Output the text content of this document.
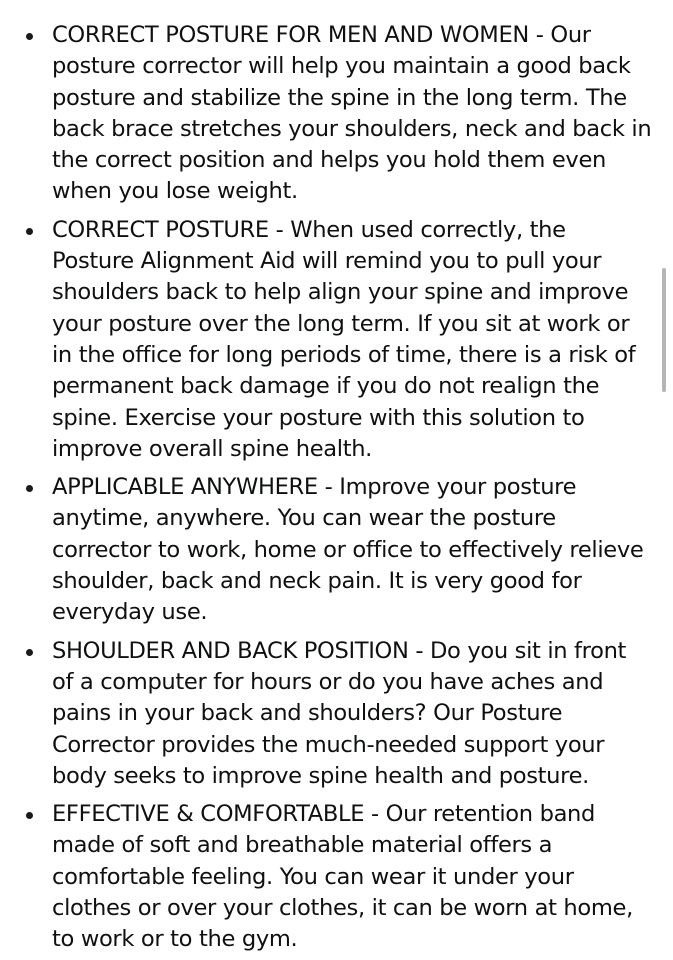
CORRECT POSTURE FOR MEN AND WOMEN - Our posture corrector will help you maintain a good back posture and stabilize the spine in the long term. The back brace stretches your shoulders, neck and back in the correct position and helps you hold them even when you lose weight.
CORRECT POSTURE - When used correctly, the Posture Alignment Aid will remind you to pull your shoulders back to help align your spine and improve your posture over the long term. If you sit at work or in the office for long periods of time, there is a risk of permanent back damage if you do not realign the spine. Exercise your posture with this solution to improve overall spine health.
APPLICABLE ANYWHERE - Improve your posture anytime, anywhere. You can wear the posture corrector to work, home or office to effectively relieve shoulder, back and neck pain. It is very good for everyday use.
SHOULDER AND BACK POSITION - Do you sit in front of a computer for hours or do you have aches and pains in your back and shoulders? Our Posture Corrector provides the much-needed support your body seeks to improve spine health and posture.
EFFECTIVE & COMFORTABLE - Our retention band made of soft and breathable material offers a comfortable feeling. You can wear it under your clothes or over your clothes, it can be worn at home, to work or to the gym.
